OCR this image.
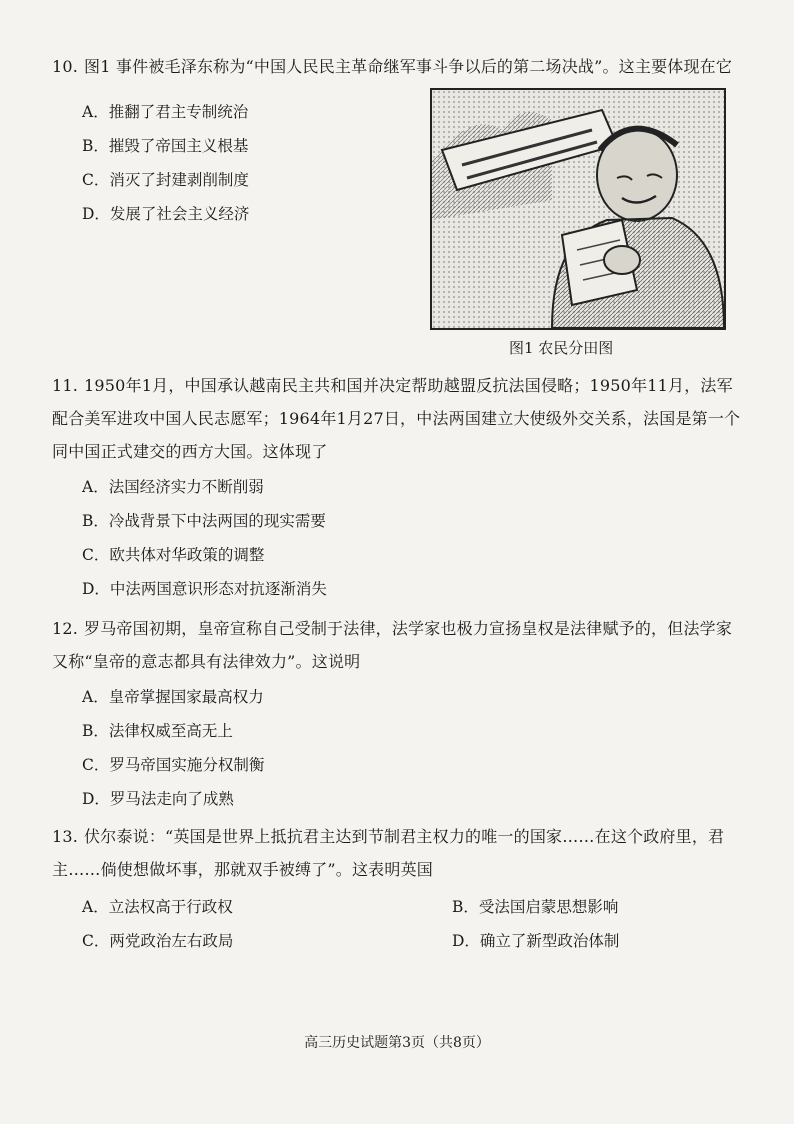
10. 图1 事件被毛泽东称为“中国人民民主革命继军事斗争以后的第二场决战”。这主要体现在它

A．推翻了君主专制统治

B．摧毁了帝国主义根基

C．消灭了封建剥削制度

D．发展了社会主义经济

图1 农民分田图

11. 1950年1月，中国承认越南民主共和国并决定帮助越盟反抗法国侵略；1950年11月，法军配合美军进攻中国人民志愿军；1964年1月27日，中法两国建立大使级外交关系，法国是第一个同中国正式建交的西方大国。这体现了

A．法国经济实力不断削弱

B．冷战背景下中法两国的现实需要

C．欧共体对华政策的调整

D．中法两国意识形态对抗逐渐消失

12. 罗马帝国初期，皇帝宣称自己受制于法律，法学家也极力宣扬皇权是法律赋予的，但法学家又称“皇帝的意志都具有法律效力”。这说明

A．皇帝掌握国家最高权力

B．法律权威至高无上

C．罗马帝国实施分权制衡

D．罗马法走向了成熟

13. 伏尔泰说：“英国是世界上抵抗君主达到节制君主权力的唯一的国家……在这个政府里，君主……倘使想做坏事，那就双手被缚了”。这表明英国

A．立法权高于行政权	B．受法国启蒙思想影响

C．两党政治左右政局	D．确立了新型政治体制

高三历史试题第3页（共8页）
